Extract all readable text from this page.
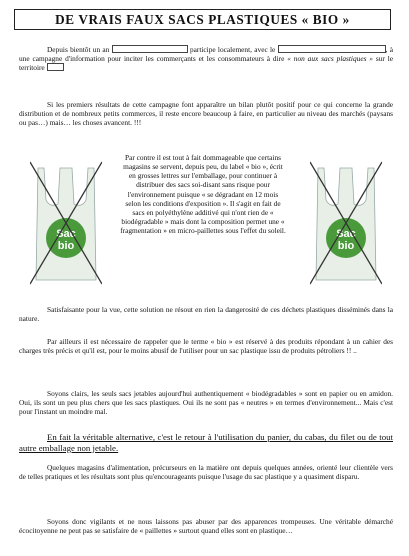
DE VRAIS FAUX SACS PLASTIQUES « BIO »
Depuis bientôt un an	participe localement, avec le	, à une campagne d'information pour inciter les commerçants et les consommateurs à dire « non aux sacs plastiques » sur le territoire
Si les premiers résultats de cette campagne font apparaître un bilan plutôt positif pour ce qui concerne la grande distribution et de nombreux petits commerces, il reste encore beaucoup à faire, en particulier au niveau des marchés (paysans ou pas…) mais… les choses avancent. !!!
Sac
bio
Sac
bio
Par contre il est tout à fait dommageable que certains magasins se servent, depuis peu, du label « bio », écrit en grosses lettres sur l'emballage, pour continuer à distribuer des sacs soi-disant sans risque pour l'environnement puisque « se dégradant en 12 mois selon les conditions d'exposition ». Il s'agit en fait de sacs en polyéthylène additivé qui n'ont rien de « biodégradable » mais dont la composition permet une « fragmentation » en micro-paillettes sous l'effet du soleil.
Satisfaisante pour la vue, cette solution ne résout en rien la dangerosité de ces déchets plastiques disséminés dans la nature.
Par ailleurs il est nécessaire de rappeler que le terme « bio » est réservé à des produits répondant à un cahier des charges très précis et qu'il est, pour le moins abusif de l'utiliser pour un sac plastique issu de produits pétroliers !! ..
Soyons clairs, les seuls sacs jetables aujourd'hui authentiquement « biodégradables » sont en papier ou en amidon. Oui, ils sont un peu plus chers que les sacs plastiques. Oui ils ne sont pas « neutres » en termes d'environnement... Mais c'est pour l'instant un moindre mal.
En fait la véritable alternative, c'est le retour à l'utilisation du panier, du cabas, du filet ou de tout autre emballage non jetable.
Quelques magasins d'alimentation, précurseurs en la matière ont depuis quelques années, orienté leur clientèle vers de telles pratiques et les résultats sont plus qu'encourageants puisque l'usage du sac plastique y a quasiment disparu.
Soyons donc vigilants et ne nous laissons pas abuser par des apparences trompeuses. Une véritable démarché écocitoyenne ne peut pas se satisfaire de « paillettes » surtout quand elles sont en plastique…
